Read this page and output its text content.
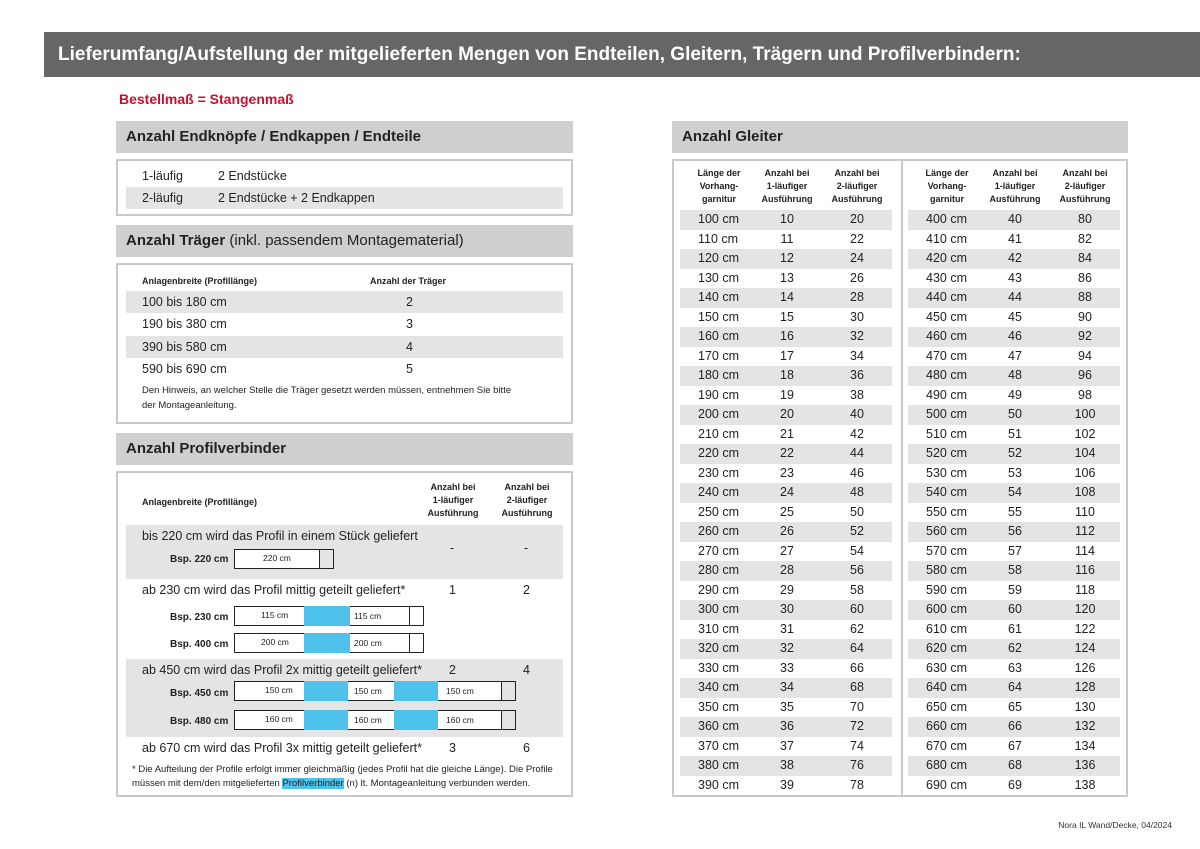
Lieferumfang/Aufstellung der mitgelieferten Mengen von Endteilen, Gleitern, Trägern und Profilverbindern:
Bestellmaß = Stangenmaß
Anzahl Endknöpfe / Endkappen / Endteile
1-läufig	2 Endstücke
2-läufig	2 Endstücke + 2 Endkappen
Anzahl Träger (inkl. passendem Montagematerial)
Anlagenbreite (Profillänge)	Anzahl der Träger
100 bis 180 cm	2
190 bis 380 cm	3
390 bis 580 cm	4
590 bis 690 cm	5
Den Hinweis, an welcher Stelle die Träger gesetzt werden müssen, entnehmen Sie bitte
der Montageanleitung.
Anzahl Profilverbinder
Anlagenbreite (Profillänge)
Anzahl bei
1-läufiger
Ausführung
Anzahl bei
2-läufiger
Ausführung
bis 220 cm wird das Profil in einem Stück geliefert
-	-
Bsp. 220 cm	220 cm
ab 230 cm wird das Profil mittig geteilt geliefert*	1	2
Bsp. 230 cm	115 cm	115 cm
Bsp. 400 cm	200 cm	200 cm
ab 450 cm wird das Profil 2x mittig geteilt geliefert* 2	4
Bsp. 450 cm	150 cm	150 cm	150 cm
Bsp. 480 cm	160 cm	160 cm	160 cm
ab 670 cm wird das Profil 3x mittig geteilt geliefert* 3	6
* Die Aufteilung der Profile erfolgt immer gleichmäßig (jedes Profil hat die gleiche Länge). Die Profile
müssen mit dem/den mitgelieferten Profilverbinder (n) lt. Montageanleitung verbunden werden.
Anzahl Gleiter
Länge der
Vorhang-
garnitur
Anzahl bei
1-läufiger
Ausführung
Anzahl bei
2-läufiger
Ausführung
Länge der
Vorhang-
garnitur
Anzahl bei
1-läufiger
Ausführung
Anzahl bei
2-läufiger
Ausführung
100 cm	10	20
110 cm	11	22
120 cm	12	24
130 cm	13	26
140 cm	14	28
150 cm	15	30
160 cm	16	32
170 cm	17	34
180 cm	18	36
190 cm	19	38
200 cm	20	40
210 cm	21	42
220 cm	22	44
230 cm	23	46
240 cm	24	48
250 cm	25	50
260 cm	26	52
270 cm	27	54
280 cm	28	56
290 cm	29	58
300 cm	30	60
310 cm	31	62
320 cm	32	64
330 cm	33	66
340 cm	34	68
350 cm	35	70
360 cm	36	72
370 cm	37	74
380 cm	38	76
390 cm	39	78
400 cm	40	80
410 cm	41	82
420 cm	42	84
430 cm	43	86
440 cm	44	88
450 cm	45	90
460 cm	46	92
470 cm	47	94
480 cm	48	96
490 cm	49	98
500 cm	50	100
510 cm	51	102
520 cm	52	104
530 cm	53	106
540 cm	54	108
550 cm	55	110
560 cm	56	112
570 cm	57	114
580 cm	58	116
590 cm	59	118
600 cm	60	120
610 cm	61	122
620 cm	62	124
630 cm	63	126
640 cm	64	128
650 cm	65	130
660 cm	66	132
670 cm	67	134
680 cm	68	136
690 cm	69	138
Nora IL Wand/Decke, 04/2024
